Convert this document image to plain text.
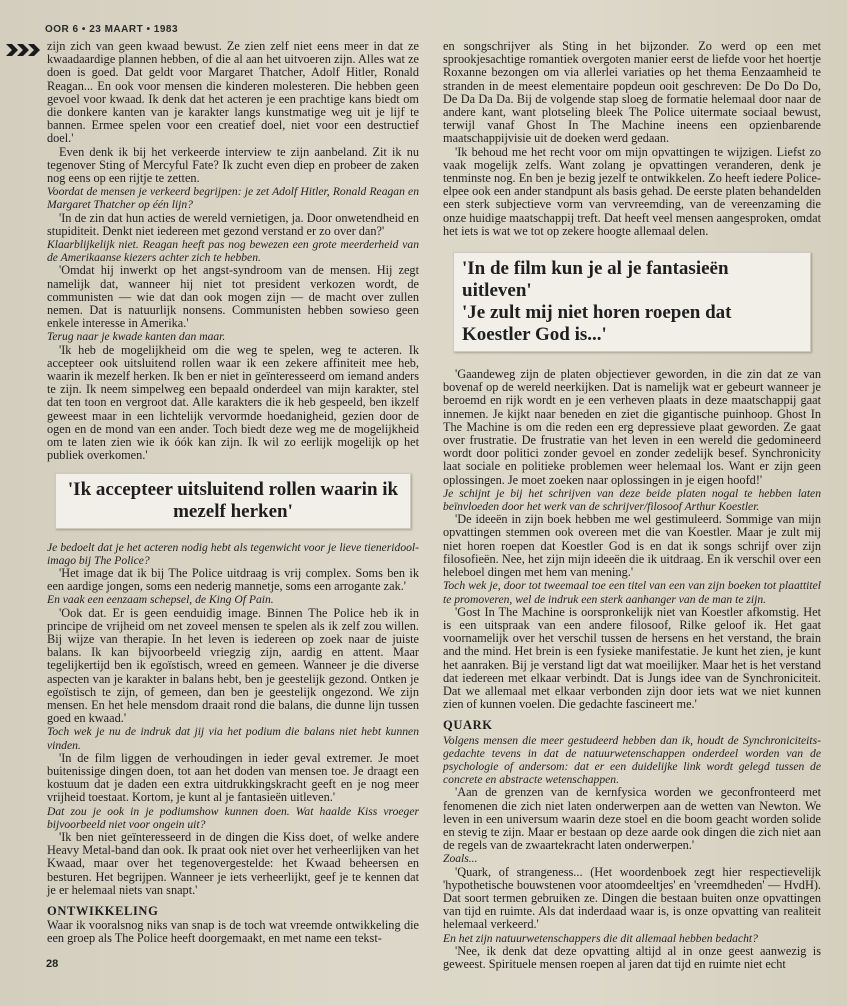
OOR 6 • 23 MAART • 1983

zijn zich van geen kwaad bewust. Ze zien zelf niet eens meer in dat ze kwaadaardige plannen hebben, of die al aan het uitvoeren zijn. Alles wat ze doen is goed. Dat geldt voor Margaret Thatcher, Adolf Hitler, Ronald Reagan... En ook voor mensen die kinderen molesteren. Die hebben geen gevoel voor kwaad. Ik denk dat het acteren je een prachtige kans biedt om die donkere kanten van je karakter langs kunstmatige weg uit je lijf te bannen. Ermee spelen voor een creatief doel, niet voor een destructief doel.'

Even denk ik bij het verkeerde interview te zijn aanbeland. Zit ik nu tegenover Sting of Mercyful Fate? Ik zucht even diep en probeer de zaken nog eens op een rijtje te zetten.

Voordat de mensen je verkeerd begrijpen: je zet Adolf Hitler, Ronald Reagan en Margaret Thatcher op één lijn?

'In de zin dat hun acties de wereld vernietigen, ja. Door onwetendheid en stupiditeit. Denkt niet iedereen met gezond verstand er zo over dan?'

Klaarblijkelijk niet. Reagan heeft pas nog bewezen een grote meerderheid van de Amerikaanse kiezers achter zich te hebben.

'Omdat hij inwerkt op het angst-syndroom van de mensen. Hij zegt namelijk dat, wanneer hij niet tot president verkozen wordt, de communisten — wie dat dan ook mogen zijn — de macht over zullen nemen. Dat is natuurlijk nonsens. Communisten hebben sowieso geen enkele interesse in Amerika.'

Terug naar je kwade kanten dan maar.

'Ik heb de mogelijkheid om die weg te spelen, weg te acteren. Ik accepteer ook uitsluitend rollen waar ik een zekere affiniteit mee heb, waarin ik mezelf herken. Ik ben er niet in geïnteresseerd om iemand anders te zijn. Ik neem simpelweg een bepaald onderdeel van mijn karakter, stel dat ten toon en vergroot dat. Alle karakters die ik heb gespeeld, ben ikzelf geweest maar in een lichtelijk vervormde hoedanigheid, gezien door de ogen en de mond van een ander. Toch biedt deze weg me de mogelijkheid om te laten zien wie ik óók kan zijn. Ik wil zo eerlijk mogelijk op het publiek overkomen.'

'Ik accepteer uitsluitend rollen waarin ik mezelf herken'

Je bedoelt dat je het acteren nodig hebt als tegenwicht voor je lieve tieneridool-imago bij The Police?

'Het image dat ik bij The Police uitdraag is vrij complex. Soms ben ik een aardige jongen, soms een nederig mannetje, soms een arrogante zak.'

En vaak een eenzaam schepsel, de King Of Pain.

'Ook dat. Er is geen eenduidig image. Binnen The Police heb ik in principe de vrijheid om net zoveel mensen te spelen als ik zelf zou willen. Bij wijze van therapie. In het leven is iedereen op zoek naar de juiste balans. Ik kan bijvoorbeeld vriegzig zijn, aardig en attent. Maar tegelijkertijd ben ik egoïstisch, wreed en gemeen. Wanneer je die diverse aspecten van je karakter in balans hebt, ben je geestelijk gezond. Ontken je egoïstisch te zijn, of gemeen, dan ben je geestelijk ongezond. We zijn mensen. En het hele mensdom draait rond die balans, die dunne lijn tussen goed en kwaad.'

Toch wek je nu de indruk dat jij via het podium die balans niet hebt kunnen vinden.

'In de film liggen de verhoudingen in ieder geval extremer. Je moet buitenissige dingen doen, tot aan het doden van mensen toe. Je draagt een kostuum dat je daden een extra uitdrukkingskracht geeft en je nog meer vrijheid toestaat. Kortom, je kunt al je fantasieën uitleven.'

Dat zou je ook in je podiumshow kunnen doen. Wat haalde Kiss vroeger bijvoorbeeld niet voor ongein uit?

'Ik ben niet geïnteresseerd in de dingen die Kiss doet, of welke andere Heavy Metal-band dan ook. Ik praat ook niet over het verheerlijken van het Kwaad, maar over het tegenovergestelde: het Kwaad beheersen en besturen. Het begrijpen. Wanneer je iets verheerlijkt, geef je te kennen dat je er helemaal niets van snapt.'

ONTWIKKELING

Waar ik vooralsnog niks van snap is de toch wat vreemde ontwikkeling die een groep als The Police heeft doorgemaakt, en met name een tekst-

en songschrijver als Sting in het bijzonder. Zo werd op een met sprookjesachtige romantiek overgoten manier eerst de liefde voor het hoertje Roxanne bezongen om via allerlei variaties op het thema Eenzaamheid te stranden in de meest elementaire popdeun ooit geschreven: De Do Do Do, De Da Da Da. Bij de volgende stap sloeg de formatie helemaal door naar de andere kant, want plotseling bleek The Police uitermate sociaal bewust, terwijl vanaf Ghost In The Machine ineens een opzienbarende maatschappijvisie uit de doeken werd gedaan.

'Ik behoud me het recht voor om mijn opvattingen te wijzigen. Liefst zo vaak mogelijk zelfs. Want zolang je opvattingen veranderen, denk je tenminste nog. En ben je bezig jezelf te ontwikkelen. Zo heeft iedere Police-elpee ook een ander standpunt als basis gehad. De eerste platen behandelden een sterk subjectieve vorm van vervreemding, van de vereenzaming die onze huidige maatschappij treft. Dat heeft veel mensen aangesproken, omdat het iets is wat we tot op zekere hoogte allemaal delen.

'In de film kun je al je fantasieën uitleven'
'Je zult mij niet horen roepen dat Koestler God is...'

'Gaandeweg zijn de platen objectiever geworden, in die zin dat ze van bovenaf op de wereld neerkijken. Dat is namelijk wat er gebeurt wanneer je beroemd en rijk wordt en je een verheven plaats in deze maatschappij gaat innemen. Je kijkt naar beneden en ziet die gigantische puinhoop. Ghost In The Machine is om die reden een erg depressieve plaat geworden. Ze gaat over frustratie. De frustratie van het leven in een wereld die gedomineerd wordt door politici zonder gevoel en zonder zedelijk besef. Synchronicity laat sociale en politieke problemen weer helemaal los. Want er zijn geen oplossingen. Je moet zoeken naar oplossingen in je eigen hoofd!'

Je schijnt je bij het schrijven van deze beide platen nogal te hebben laten beïnvloeden door het werk van de schrijver/filosoof Arthur Koestler.

'De ideeën in zijn boek hebben me wel gestimuleerd. Sommige van mijn opvattingen stemmen ook overeen met die van Koestler. Maar je zult mij niet horen roepen dat Koestler God is en dat ik songs schrijf over zijn filosofieën. Nee, het zijn mijn ideeën die ik uitdraag. En ik verschil over een heleboel dingen met hem van mening.'

Toch wek je, door tot tweemaal toe een titel van een van zijn boeken tot plaattitel te promoveren, wel de indruk een sterk aanhanger van de man te zijn.

'Gost In The Machine is oorspronkelijk niet van Koestler afkomstig. Het is een uitspraak van een andere filosoof, Rilke geloof ik. Het gaat voornamelijk over het verschil tussen de hersens en het verstand, the brain and the mind. Het brein is een fysieke manifestatie. Je kunt het zien, je kunt het aanraken. Bij je verstand ligt dat wat moeilijker. Maar het is het verstand dat iedereen met elkaar verbindt. Dat is Jungs idee van de Synchroniciteit. Dat we allemaal met elkaar verbonden zijn door iets wat we niet kunnen zien of kunnen voelen. Die gedachte fascineert me.'

QUARK

Volgens mensen die meer gestudeerd hebben dan ik, houdt de Synchroniciteits-gedachte tevens in dat de natuurwetenschappen onderdeel worden van de psychologie of andersom: dat er een duidelijke link wordt gelegd tussen de concrete en abstracte wetenschappen.

'Aan de grenzen van de kernfysica worden we geconfronteerd met fenomenen die zich niet laten onderwerpen aan de wetten van Newton. We leven in een universum waarin deze stoel en die boom geacht worden solide en stevig te zijn. Maar er bestaan op deze aarde ook dingen die zich niet aan de regels van de zwaartekracht laten onderwerpen.'

Zoals...

'Quark, of strangeness... (Het woordenboek zegt hier respectievelijk 'hypothetische bouwstenen voor atoomdeeltjes' en 'vreemdheden' — HvdH). Dat soort termen gebruiken ze. Dingen die bestaan buiten onze opvattingen van tijd en ruimte. Als dat inderdaad waar is, is onze opvatting van realiteit helemaal verkeerd.'

En het zijn natuurwetenschappers die dit allemaal hebben bedacht?

'Nee, ik denk dat deze opvatting altijd al in onze geest aanwezig is geweest. Spirituele mensen roepen al jaren dat tijd en ruimte niet echt

28
